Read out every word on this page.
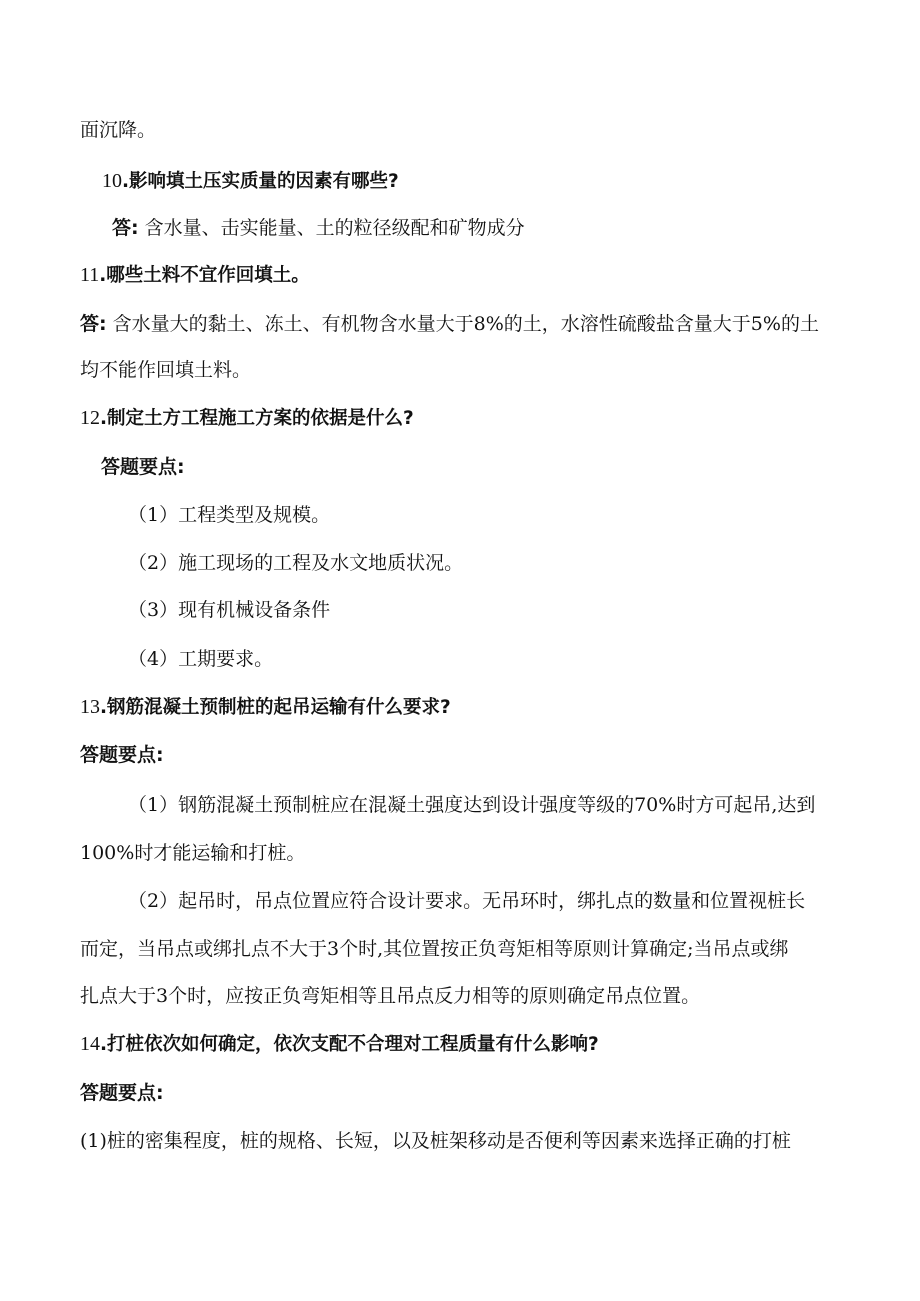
面沉降。
10.影响填土压实质量的因素有哪些?
答: 含水量、击实能量、土的粒径级配和矿物成分
11.哪些土料不宜作回填土。
答: 含水量大的黏土、冻土、有机物含水量大于8%的土，水溶性硫酸盐含量大于5%的土
均不能作回填土料。
12.制定土方工程施工方案的依据是什么?
答题要点:
（1）工程类型及规模。
（2）施工现场的工程及水文地质状况。
（3）现有机械设备条件
（4）工期要求。
13.钢筋混凝土预制桩的起吊运输有什么要求?
答题要点:
（1）钢筋混凝土预制桩应在混凝土强度达到设计强度等级的70%时方可起吊,达到
100%时才能运输和打桩。
（2）起吊时，吊点位置应符合设计要求。无吊环时，绑扎点的数量和位置视桩长
而定，当吊点或绑扎点不大于3个时,其位置按正负弯矩相等原则计算确定;当吊点或绑
扎点大于3个时，应按正负弯矩相等且吊点反力相等的原则确定吊点位置。
14.打桩依次如何确定，依次支配不合理对工程质量有什么影响?
答题要点:
(1)桩的密集程度，桩的规格、长短，以及桩架移动是否便利等因素来选择正确的打桩
